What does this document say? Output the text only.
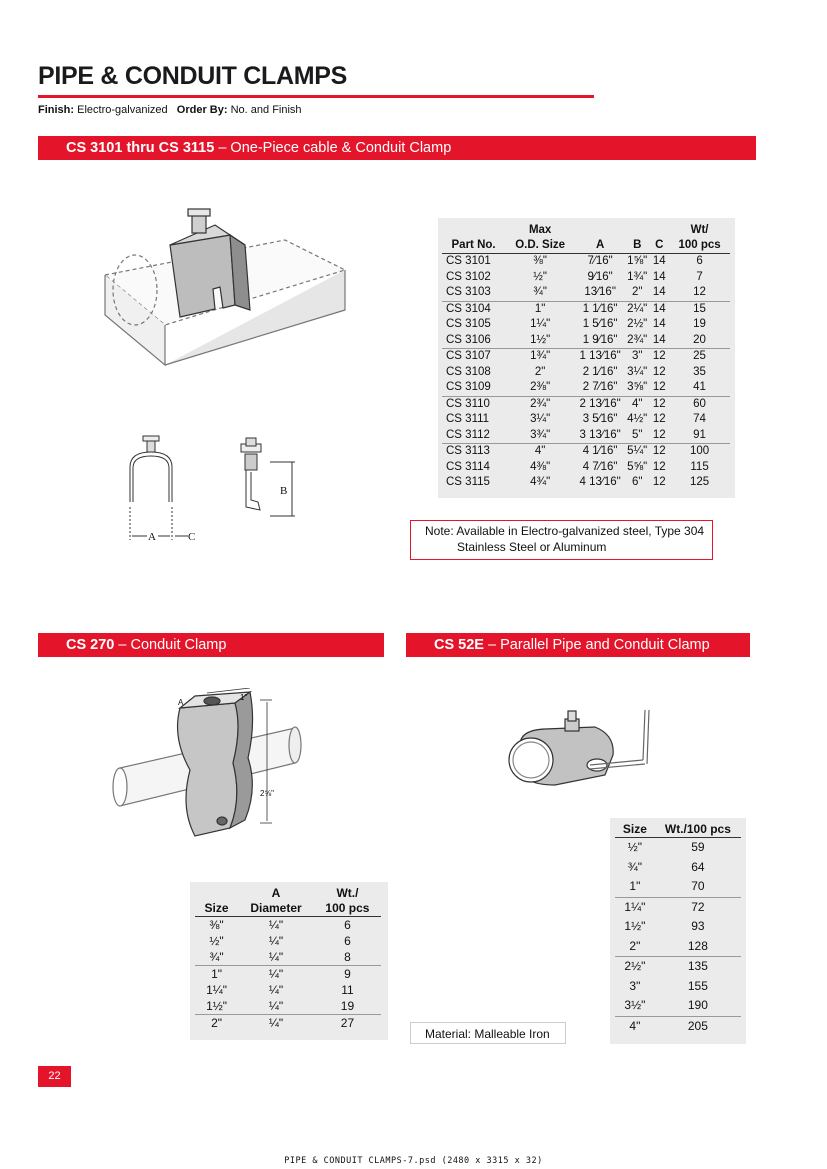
PIPE & CONDUIT CLAMPS
Finish: Electro-galvanized Order By: No. and Finish
CS 3101 thru CS 3115 – One-Piece cable & Conduit Clamp
B
A	C
	Max				Wt/
Part No.	O.D. Size	A	B	C	100 pcs
CS 3101	⅜"	7⁄16"	1⅝"	14	6
CS 3102	½"	9⁄16"	1¾"	14	7
CS 3103	¾"	13⁄16"	2"	14	12
CS 3104	1"	1 1⁄16"	2¼"	14	15
CS 3105	1¼"	1 5⁄16"	2½"	14	19
CS 3106	1½"	1 9⁄16"	2¾"	14	20
CS 3107	1¾"	1 13⁄16"	3"	12	25
CS 3108	2"	2 1⁄16"	3¼"	12	35
CS 3109	2⅜"	2 7⁄16"	3⅝"	12	41
CS 3110	2¾"	2 13⁄16"	4"	12	60
CS 3111	3¼"	3 5⁄16"	4½"	12	74
CS 3112	3¾"	3 13⁄16"	5"	12	91
CS 3113	4"	4 1⁄16"	5¼"	12	100
CS 3114	4⅜"	4 7⁄16"	5⅝"	12	115
CS 3115	4¾"	4 13⁄16"	6"	12	125
Note: Available in Electro-galvanized steel, Type 304
Stainless Steel or Aluminum
CS 270 – Conduit Clamp	CS 52E – Parallel Pipe and Conduit Clamp
A
1"
2⅝"
	A	Wt./
Size	Diameter	100 pcs
⅜"	¼"	6
½"	¼"	6
¾"	¼"	8
1"	¼"	9
1¼"	¼"	11
1½"	¼"	19
2"	¼"	27
Size	Wt./100 pcs
½"	59
¾"	64
1"	70
1¼"	72
1½"	93
2"	128
2½"	135
3"	155
3½"	190
4"	205
Material: Malleable Iron
22
PIPE & CONDUIT CLAMPS-7.psd (2480 x 3315 x 32)
